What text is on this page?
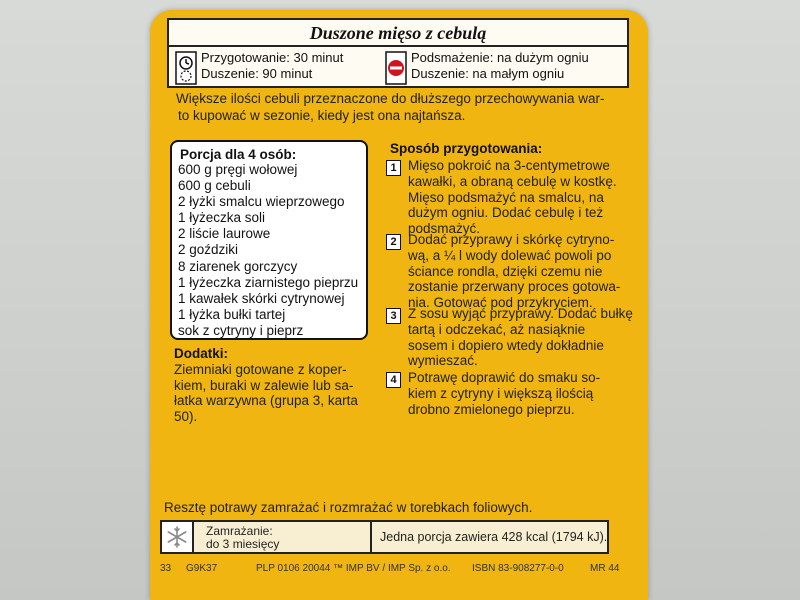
Duszone mięso z cebulą
Przygotowanie: 30 minut
Duszenie: 90 minut
Podsmażenie: na dużym ogniu
Duszenie: na małym ogniu
Większe ilości cebuli przeznaczone do dłuższego przechowywania war-
to kupować w sezonie, kiedy jest ona najtańsza.
Porcja dla 4 osób:
600 g pręgi wołowej
600 g cebuli
2 łyżki smalcu wieprzowego
1 łyżeczka soli
2 liście laurowe
2 goździki
8 ziarenek gorczycy
1 łyżeczka ziarnistego pieprzu
1 kawałek skórki cytrynowej
1 łyżka bułki tartej
sok z cytryny i pieprz
Dodatki:
Ziemniaki gotowane z koper-
kiem, buraki w zalewie lub sa-
łatka warzywna (grupa 3, karta
50).
Sposób przygotowania:
1 Mięso pokroić na 3-centymetrowe
kawałki, a obraną cebulę w kostkę.
Mięso podsmażyć na smalcu, na
dużym ogniu. Dodać cebulę i też
podsmażyć.
2 Dodać przyprawy i skórkę cytryno-
wą, a ¼ l wody dolewać powoli po
ściance rondla, dzięki czemu nie
zostanie przerwany proces gotowa-
nia. Gotować pod przykryciem.
3 Z sosu wyjąć przyprawy. Dodać bułkę
tartą i odczekać, aż nasiąknie
sosem i dopiero wtedy dokładnie
wymieszać.
4 Potrawę doprawić do smaku so-
kiem z cytryny i większą ilością
drobno zmielonego pieprzu.
Resztę potrawy zamrażać i rozmrażać w torebkach foliowych.
Zamrażanie:
do 3 miesięcy	Jedna porcja zawiera 428 kcal (1794 kJ).
33 G9K37	PLP 0106 20044 ™ IMP BV / IMP Sp. z o.o. ISBN 83-908277-0-0	MR 44
